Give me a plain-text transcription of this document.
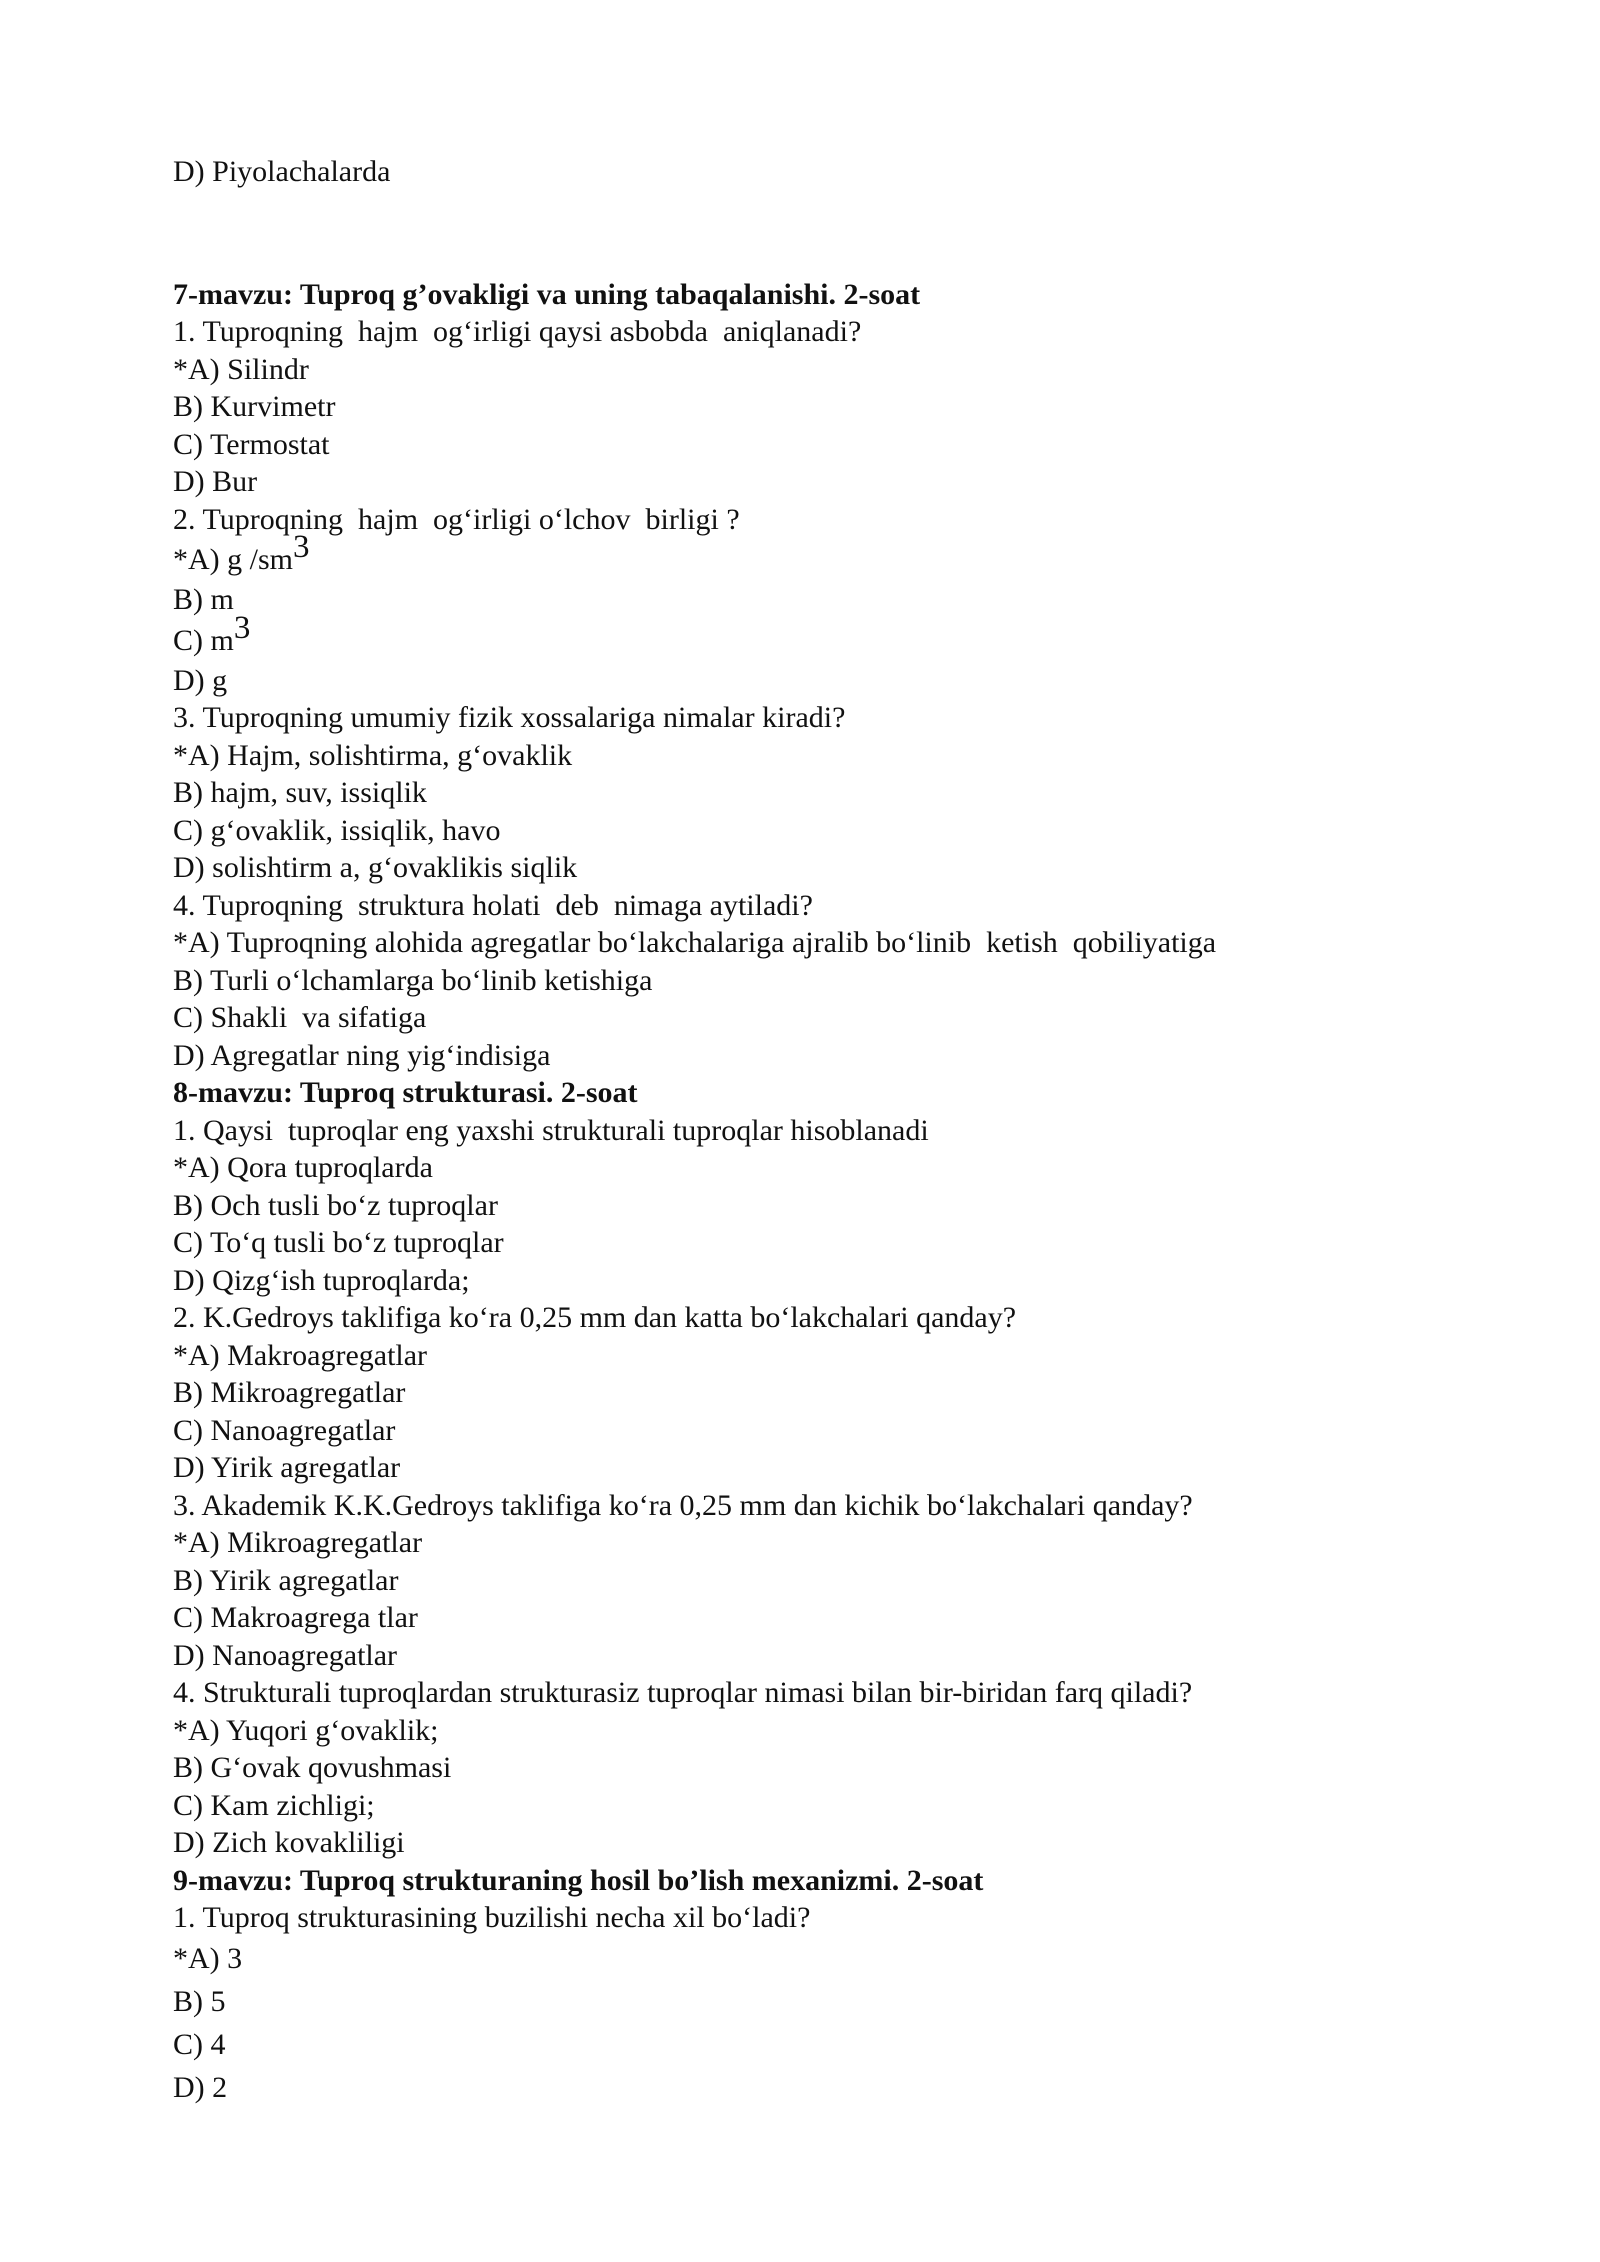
D) Piyolachalarda
7-mavzu: Tuproq g’ovakligi va uning tabaqalanishi. 2-soat
1. Tuproqning  hajm  og‘irligi qaysi asbobda  aniqlanadi?
*A) Silindr
B) Kurvimetr
C) Termostat
D) Bur
2. Tuproqning  hajm  og‘irligi o‘lchov  birligi ?
*A) g /sm3
B) m
C) m3
D) g
3. Tuproqning umumiy fizik xossalariga nimalar kiradi?
*A) Hajm, solishtirma, g‘ovaklik
B) hajm, suv, issiqlik
C) g‘ovaklik, issiqlik, havo
D) solishtirm a, g‘ovaklikis siqlik
4. Tuproqning  struktura holati  deb  nimaga aytiladi?
*A) Tuproqning alohida agregatlar bo‘lakchalariga ajralib bo‘linib  ketish  qobiliyatiga
B) Turli o‘lchamlarga bo‘linib ketishiga
C) Shakli  va sifatiga
D) Agregatlar ning yig‘indisiga
8-mavzu: Tuproq strukturasi. 2-soat
1. Qaysi  tuproqlar eng yaxshi strukturali tuproqlar hisoblanadi
*A) Qora tuproqlarda
B) Och tusli bo‘z tuproqlar
C) To‘q tusli bo‘z tuproqlar
D) Qizg‘ish tuproqlarda;
2. K.Gedroys taklifiga ko‘ra 0,25 mm dan katta bo‘lakchalari qanday?
*A) Makroagregatlar
B) Mikroagregatlar
C) Nanoagregatlar
D) Yirik agregatlar
3. Akademik K.K.Gedroys taklifiga ko‘ra 0,25 mm dan kichik bo‘lakchalari qanday?
*A) Mikroagregatlar
B) Yirik agregatlar
C) Makroagrega tlar
D) Nanoagregatlar
4. Strukturali tuproqlardan strukturasiz tuproqlar nimasi bilan bir-biridan farq qiladi?
*A) Yuqori g‘ovaklik;
B) G‘ovak qovushmasi
C) Kam zichligi;
D) Zich kovakliligi
9-mavzu: Tuproq strukturaning hosil bo’lish mexanizmi. 2-soat
1. Tuproq strukturasining buzilishi necha xil bo‘ladi?
*A) 3
B) 5
C) 4
D) 2
